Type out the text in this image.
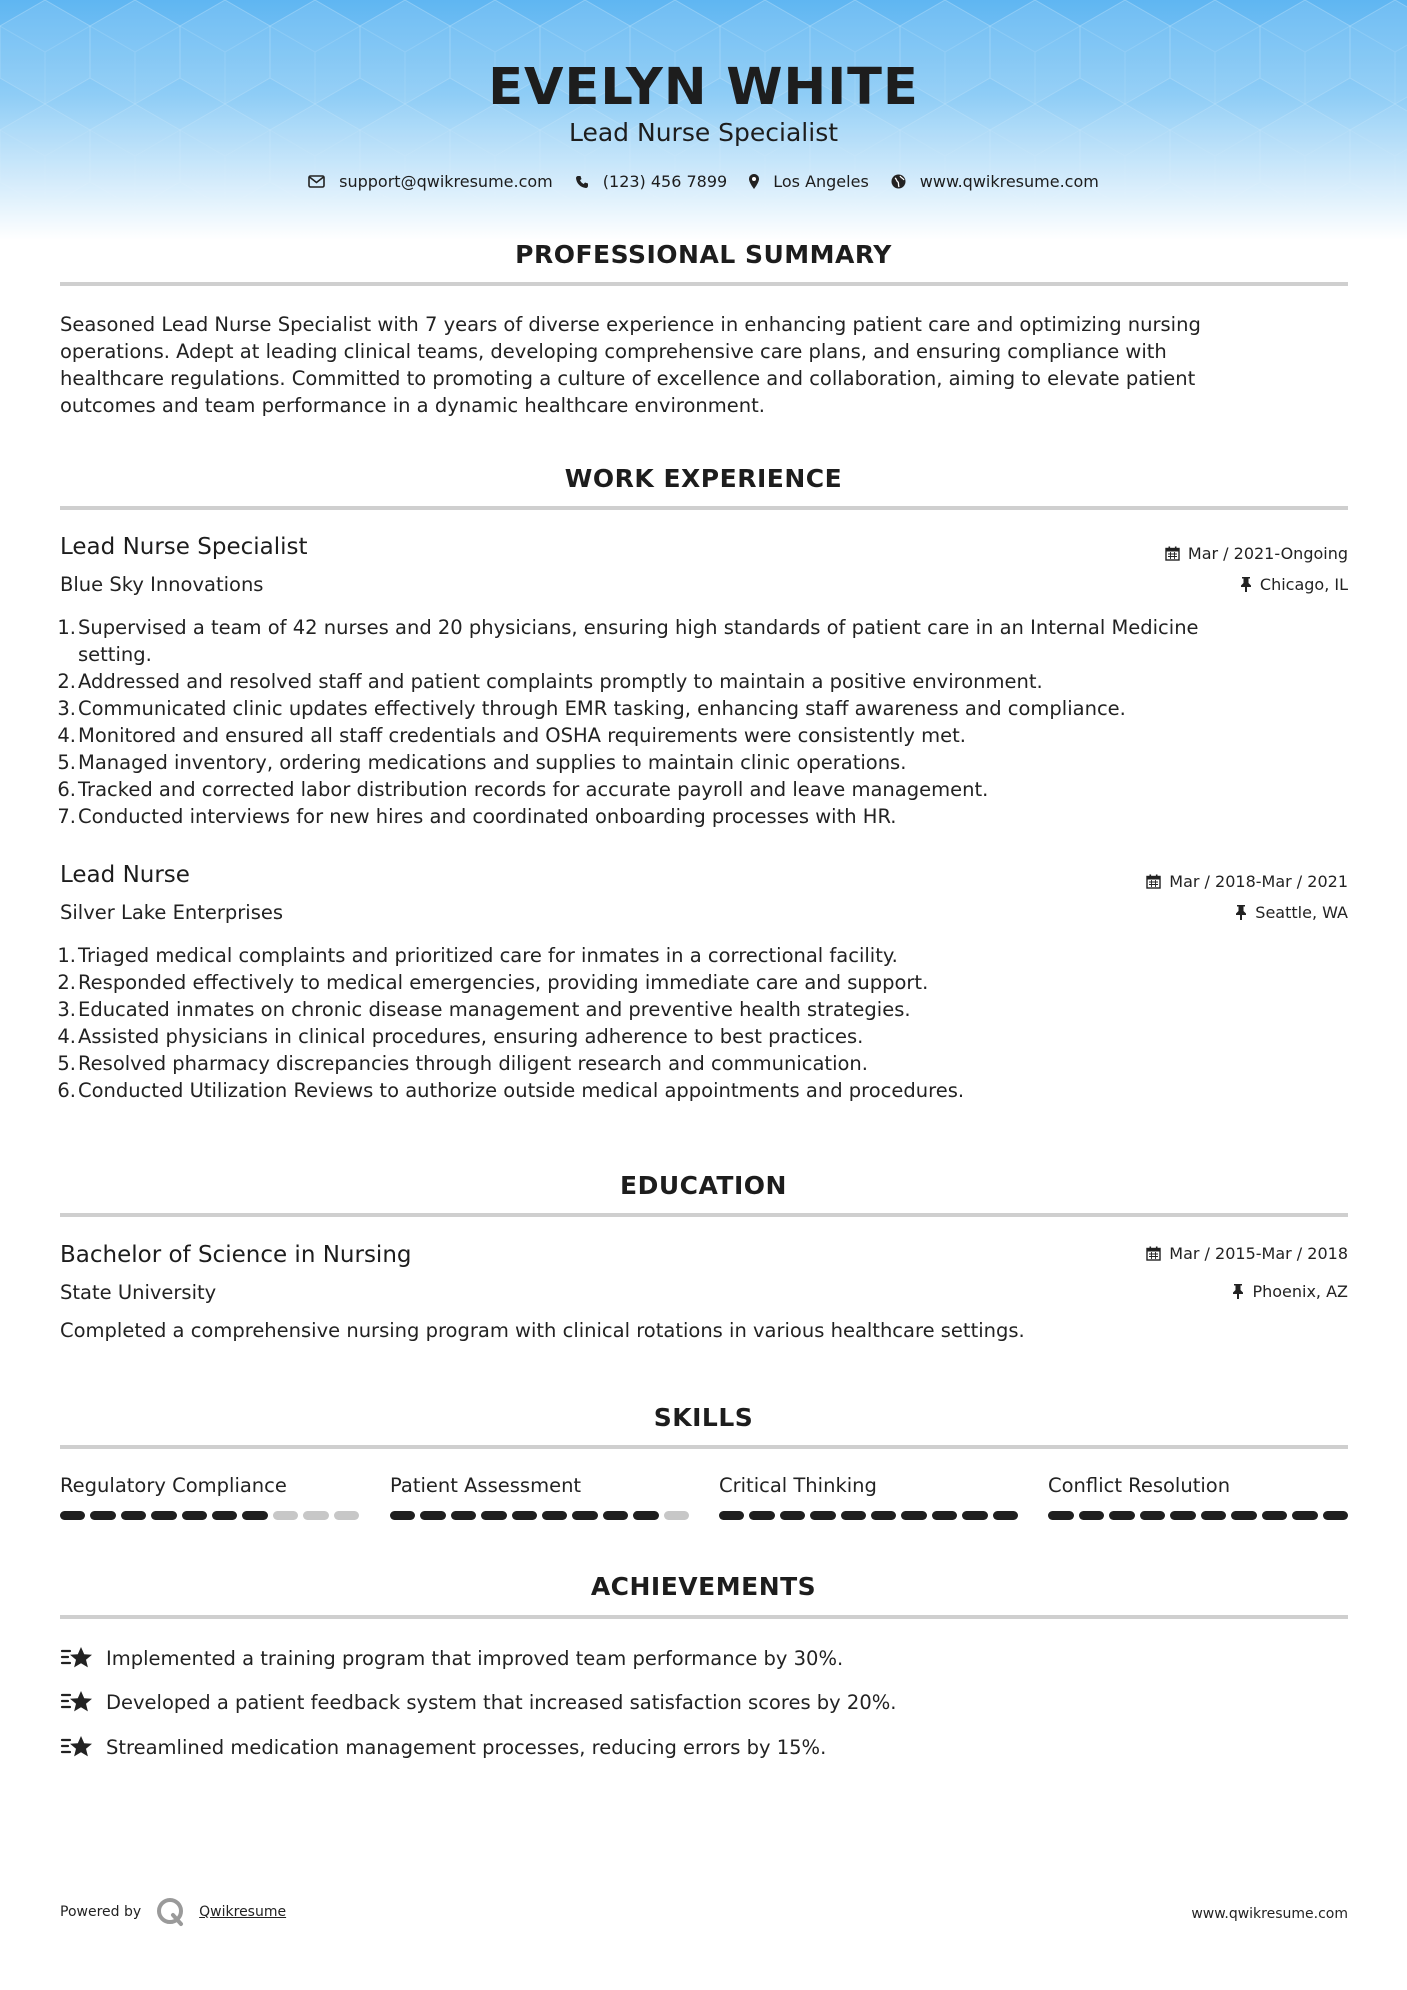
EVELYN WHITE
Lead Nurse Specialist
support@qwikresume.com	(123) 456 7899	Los Angeles	www.qwikresume.com
PROFESSIONAL SUMMARY
Seasoned Lead Nurse Specialist with 7 years of diverse experience in enhancing patient care and optimizing nursing
operations. Adept at leading clinical teams, developing comprehensive care plans, and ensuring compliance with
healthcare regulations. Committed to promoting a culture of excellence and collaboration, aiming to elevate patient
outcomes and team performance in a dynamic healthcare environment.
WORK EXPERIENCE
Lead Nurse Specialist	Mar / 2021-Ongoing
Blue Sky Innovations	Chicago, IL
1. Supervised a team of 42 nurses and 20 physicians, ensuring high standards of patient care in an Internal Medicine
setting.
2. Addressed and resolved staff and patient complaints promptly to maintain a positive environment.
3. Communicated clinic updates effectively through EMR tasking, enhancing staff awareness and compliance.
4. Monitored and ensured all staff credentials and OSHA requirements were consistently met.
5. Managed inventory, ordering medications and supplies to maintain clinic operations.
6. Tracked and corrected labor distribution records for accurate payroll and leave management.
7. Conducted interviews for new hires and coordinated onboarding processes with HR.
Lead Nurse	Mar / 2018-Mar / 2021
Silver Lake Enterprises	Seattle, WA
1. Triaged medical complaints and prioritized care for inmates in a correctional facility.
2. Responded effectively to medical emergencies, providing immediate care and support.
3. Educated inmates on chronic disease management and preventive health strategies.
4. Assisted physicians in clinical procedures, ensuring adherence to best practices.
5. Resolved pharmacy discrepancies through diligent research and communication.
6. Conducted Utilization Reviews to authorize outside medical appointments and procedures.
EDUCATION
Bachelor of Science in Nursing	Mar / 2015-Mar / 2018
State University	Phoenix, AZ
Completed a comprehensive nursing program with clinical rotations in various healthcare settings.
SKILLS
Regulatory Compliance	Patient Assessment	Critical Thinking	Conflict Resolution
ACHIEVEMENTS
Implemented a training program that improved team performance by 30%.
Developed a patient feedback system that increased satisfaction scores by 20%.
Streamlined medication management processes, reducing errors by 15%.
Powered by	Qwikresume	www.qwikresume.com
